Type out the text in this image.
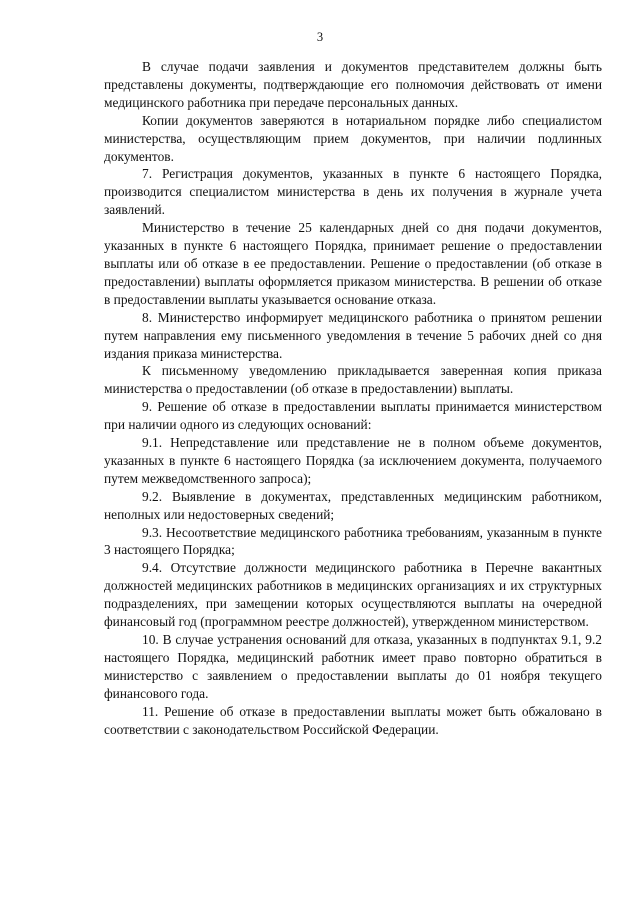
3

В случае подачи заявления и документов представителем должны быть представлены документы, подтверждающие его полномочия действовать от имени медицинского работника при передаче персональных данных.

Копии документов заверяются в нотариальном порядке либо специалистом министерства, осуществляющим прием документов, при наличии подлинных документов.

7. Регистрация документов, указанных в пункте 6 настоящего Порядка, производится специалистом министерства в день их получения в журнале учета заявлений.

Министерство в течение 25 календарных дней со дня подачи документов, указанных в пункте 6 настоящего Порядка, принимает решение о предоставлении выплаты или об отказе в ее предоставлении. Решение о предоставлении (об отказе в предоставлении) выплаты оформляется приказом министерства. В решении об отказе в предоставлении выплаты указывается основание отказа.

8. Министерство информирует медицинского работника о принятом решении путем направления ему письменного уведомления в течение 5 рабочих дней со дня издания приказа министерства.

К письменному уведомлению прикладывается заверенная копия приказа министерства о предоставлении (об отказе в предоставлении) выплаты.

9. Решение об отказе в предоставлении выплаты принимается министерством при наличии одного из следующих оснований:

9.1. Непредставление или представление не в полном объеме документов, указанных в пункте 6 настоящего Порядка (за исключением документа, получаемого путем межведомственного запроса);

9.2. Выявление в документах, представленных медицинским работником, неполных или недостоверных сведений;

9.3. Несоответствие медицинского работника требованиям, указанным в пункте 3 настоящего Порядка;

9.4. Отсутствие должности медицинского работника в Перечне вакантных должностей медицинских работников в медицинских организациях и их структурных подразделениях, при замещении которых осуществляются выплаты на очередной финансовый год (программном реестре должностей), утвержденном министерством.

10. В случае устранения оснований для отказа, указанных в подпунктах 9.1, 9.2 настоящего Порядка, медицинский работник имеет право повторно обратиться в министерство с заявлением о предоставлении выплаты до 01 ноября текущего финансового года.

11. Решение об отказе в предоставлении выплаты может быть обжаловано в соответствии с законодательством Российской Федерации.
